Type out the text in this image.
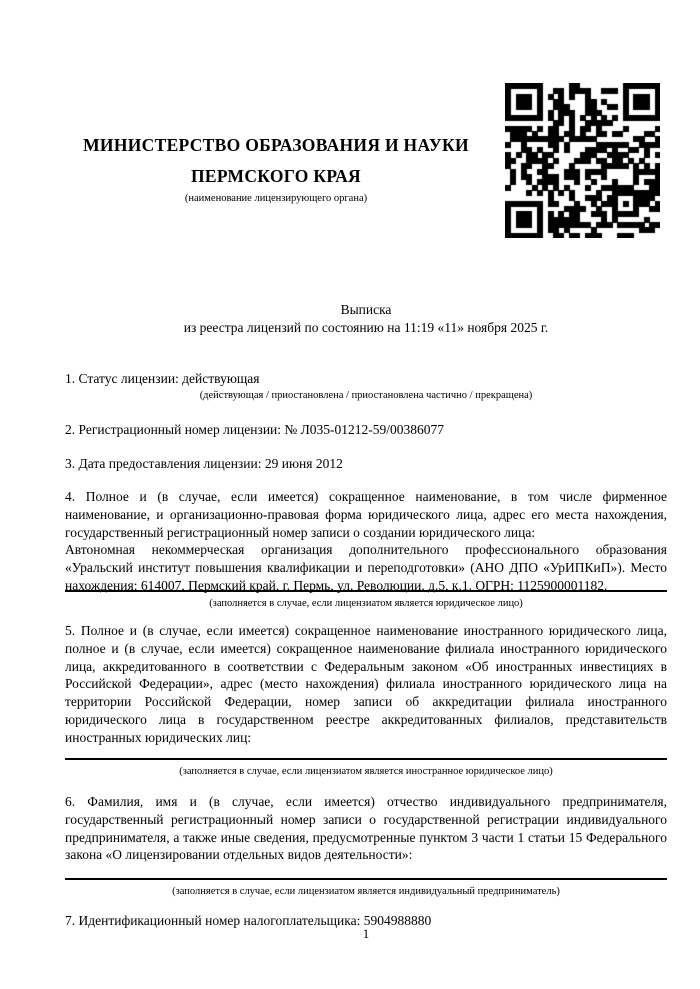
МИНИСТЕРСТВО ОБРАЗОВАНИЯ И НАУКИ
ПЕРМСКОГО КРАЯ
(наименование лицензирующего органа)
Выписка
из реестра лицензий по состоянию на 11:19 «11» ноября 2025 г.

1. Статус лицензии: действующая

(действующая / приостановлена / приостановлена частично / прекращена)

2. Регистрационный номер лицензии: № Л035-01212-59/00386077

3. Дата предоставления лицензии: 29 июня 2012

4. Полное и (в случае, если имеется) сокращенное наименование, в том числе фирменное наименование, и организационно-правовая форма юридического лица, адрес его места нахождения, государственный регистрационный номер записи о создании юридического лица:

Автономная некоммерческая организация дополнительного профессионального образования «Уральский институт повышения квалификации и переподготовки» (АНО ДПО «УрИПКиП»). Место нахождения: 614007, Пермский край, г. Пермь, ул. Революции, д.5, к.1. ОГРН: 1125900001182.

(заполняется в случае, если лицензиатом является юридическое лицо)

5. Полное и (в случае, если имеется) сокращенное наименование иностранного юридического лица, полное и (в случае, если имеется) сокращенное наименование филиала иностранного юридического лица, аккредитованного в соответствии с Федеральным законом «Об иностранных инвестициях в Российской Федерации», адрес (место нахождения) филиала иностранного юридического лица на территории Российской Федерации, номер записи об аккредитации филиала иностранного юридического лица в государственном реестре аккредитованных филиалов, представительств иностранных юридических лиц:

(заполняется в случае, если лицензиатом является иностранное юридическое лицо)

6. Фамилия, имя и (в случае, если имеется) отчество индивидуального предпринимателя, государственный регистрационный номер записи о государственной регистрации индивидуального предпринимателя, а также иные сведения, предусмотренные пунктом 3 части 1 статьи 15 Федерального закона «О лицензировании отдельных видов деятельности»:

(заполняется в случае, если лицензиатом является индивидуальный предприниматель)

7. Идентификационный номер налогоплательщика: 5904988880

1
